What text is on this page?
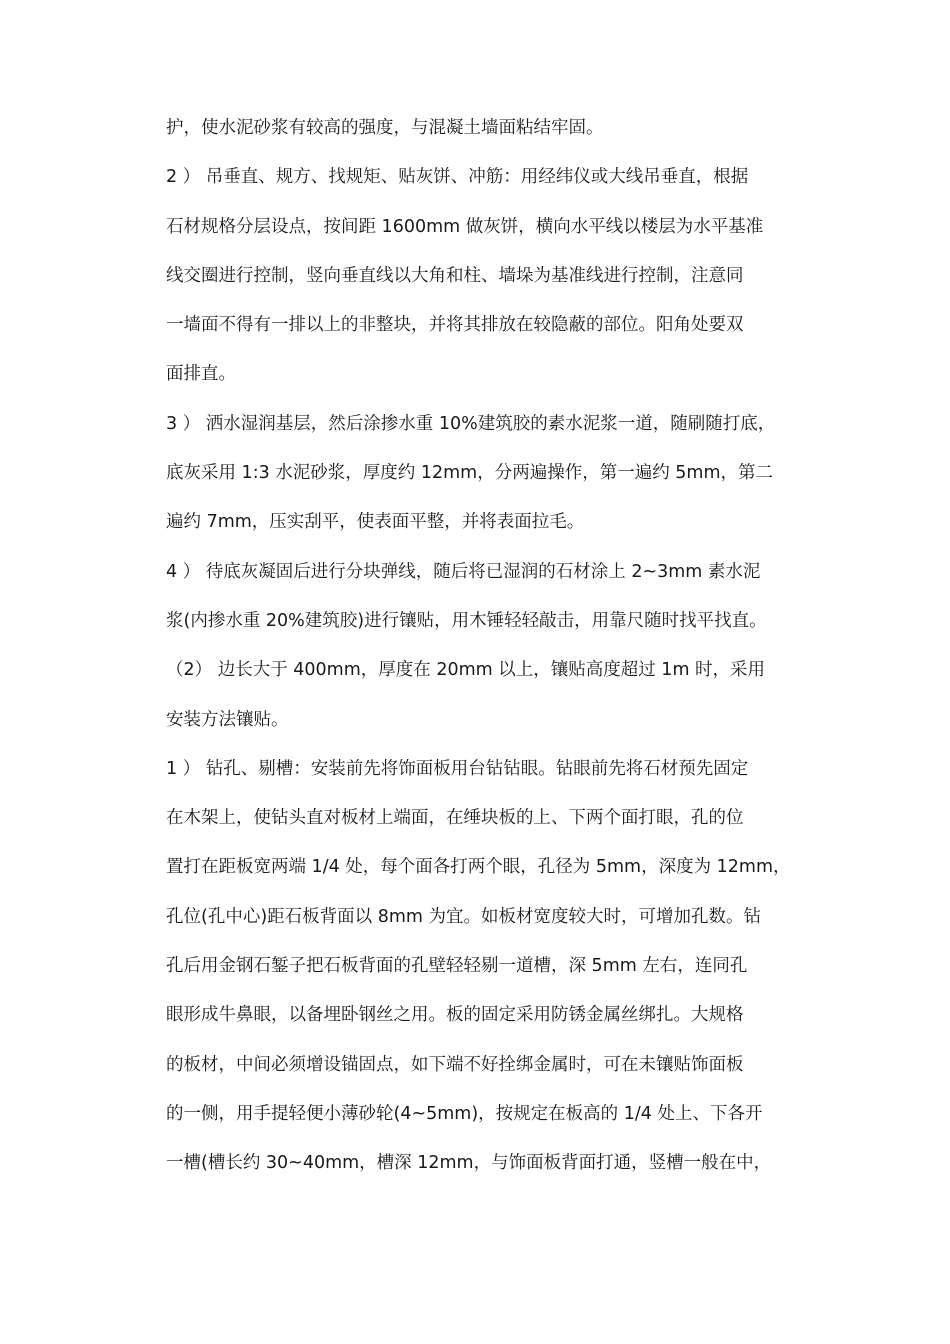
护，使水泥砂浆有较高的强度，与混凝土墙面粘结牢固。
2 ） 吊垂直、规方、找规矩、贴灰饼、冲筋：用经纬仪或大线吊垂直，根据
石材规格分层设点，按间距 1600mm 做灰饼，横向水平线以楼层为水平基准
线交圈进行控制，竖向垂直线以大角和柱、墙垛为基准线进行控制，注意同
一墙面不得有一排以上的非整块，并将其排放在较隐蔽的部位。阳角处要双
面排直。
3 ） 洒水湿润基层，然后涂掺水重 10%建筑胶的素水泥浆一道，随刷随打底，
底灰采用 1:3 水泥砂浆，厚度约 12mm，分两遍操作，第一遍约 5mm，第二
遍约 7mm，压实刮平，使表面平整，并将表面拉毛。
4 ） 待底灰凝固后进行分块弹线，随后将已湿润的石材涂上 2~3mm 素水泥
浆(内掺水重 20%建筑胶)进行镶贴，用木锤轻轻敲击，用靠尺随时找平找直。
（2） 边长大于 400mm，厚度在 20mm 以上，镶贴高度超过 1m 时，采用
安装方法镶贴。
1 ） 钻孔、剔槽：安装前先将饰面板用台钻钻眼。钻眼前先将石材预先固定
在木架上，使钻头直对板材上端面，在缍块板的上、下两个面打眼，孔的位
置打在距板宽两端 1/4 处，每个面各打两个眼，孔径为 5mm，深度为 12mm，
孔位(孔中心)距石板背面以 8mm 为宜。如板材宽度较大时，可增加孔数。钻
孔后用金钢石錾子把石板背面的孔壁轻轻剔一道槽，深 5mm 左右，连同孔
眼形成牛鼻眼，以备埋卧钢丝之用。板的固定采用防锈金属丝绑扎。大规格
的板材，中间必须增设锚固点，如下端不好拴绑金属时，可在未镶贴饰面板
的一侧，用手提轻便小薄砂轮(4~5mm)，按规定在板高的 1/4 处上、下各开
一槽(槽长约 30~40mm，槽深 12mm，与饰面板背面打通，竖槽一般在中，
